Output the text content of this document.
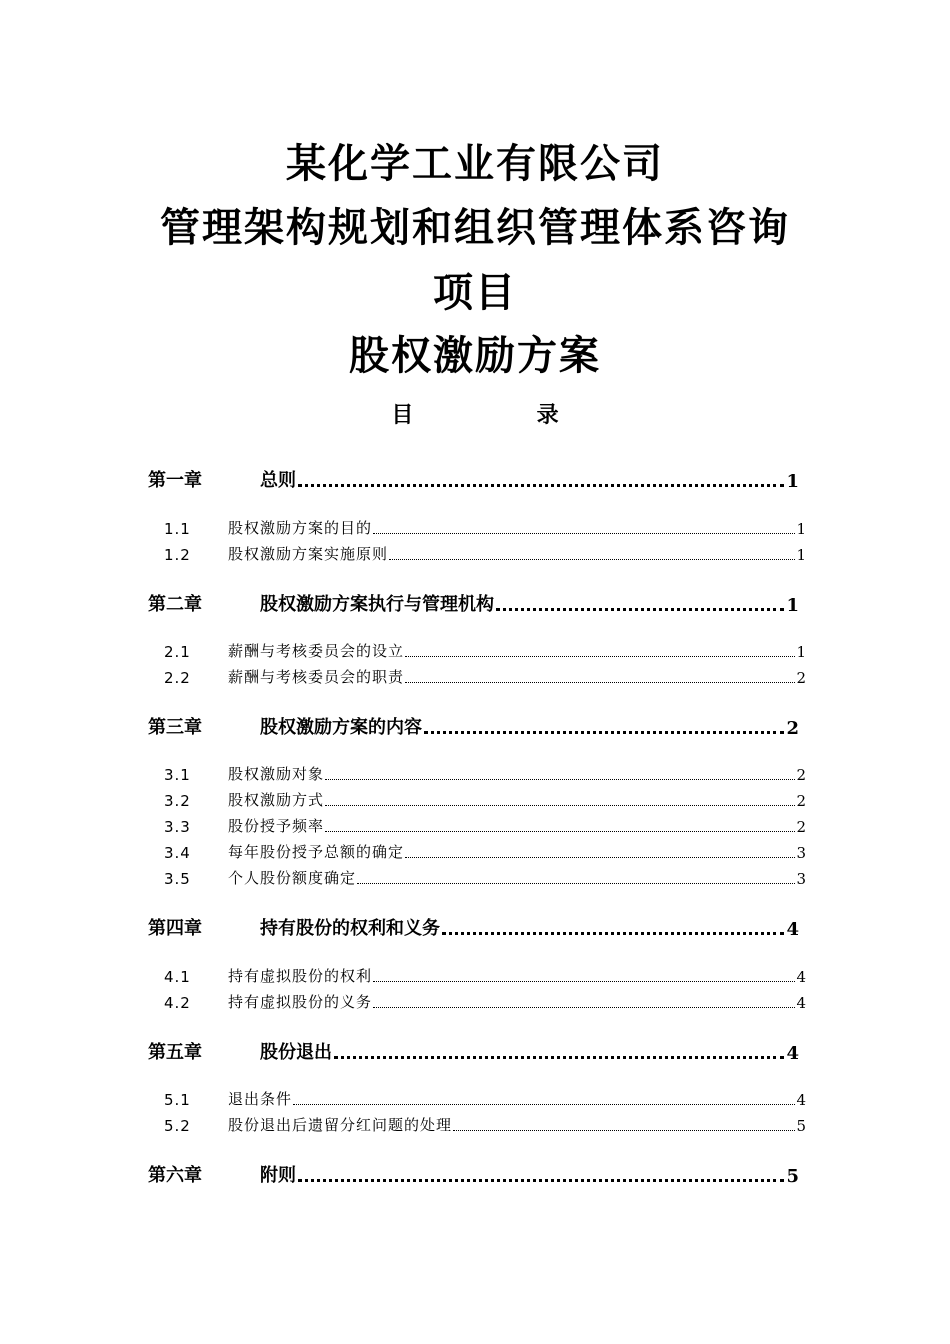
某化学工业有限公司
管理架构规划和组织管理体系咨询
项目
股权激励方案
目	录
第一章	总则	1
1.1	股权激励方案的目的	1
1.2	股权激励方案实施原则	1
第二章	股权激励方案执行与管理机构	1
2.1	薪酬与考核委员会的设立	1
2.2	薪酬与考核委员会的职责	2
第三章	股权激励方案的内容	2
3.1	股权激励对象	2
3.2	股权激励方式	2
3.3	股份授予频率	2
3.4	每年股份授予总额的确定	3
3.5	个人股份额度确定	3
第四章	持有股份的权利和义务	4
4.1	持有虚拟股份的权利	4
4.2	持有虚拟股份的义务	4
第五章	股份退出	4
5.1	退出条件	4
5.2	股份退出后遗留分红问题的处理	5
第六章	附则	5
